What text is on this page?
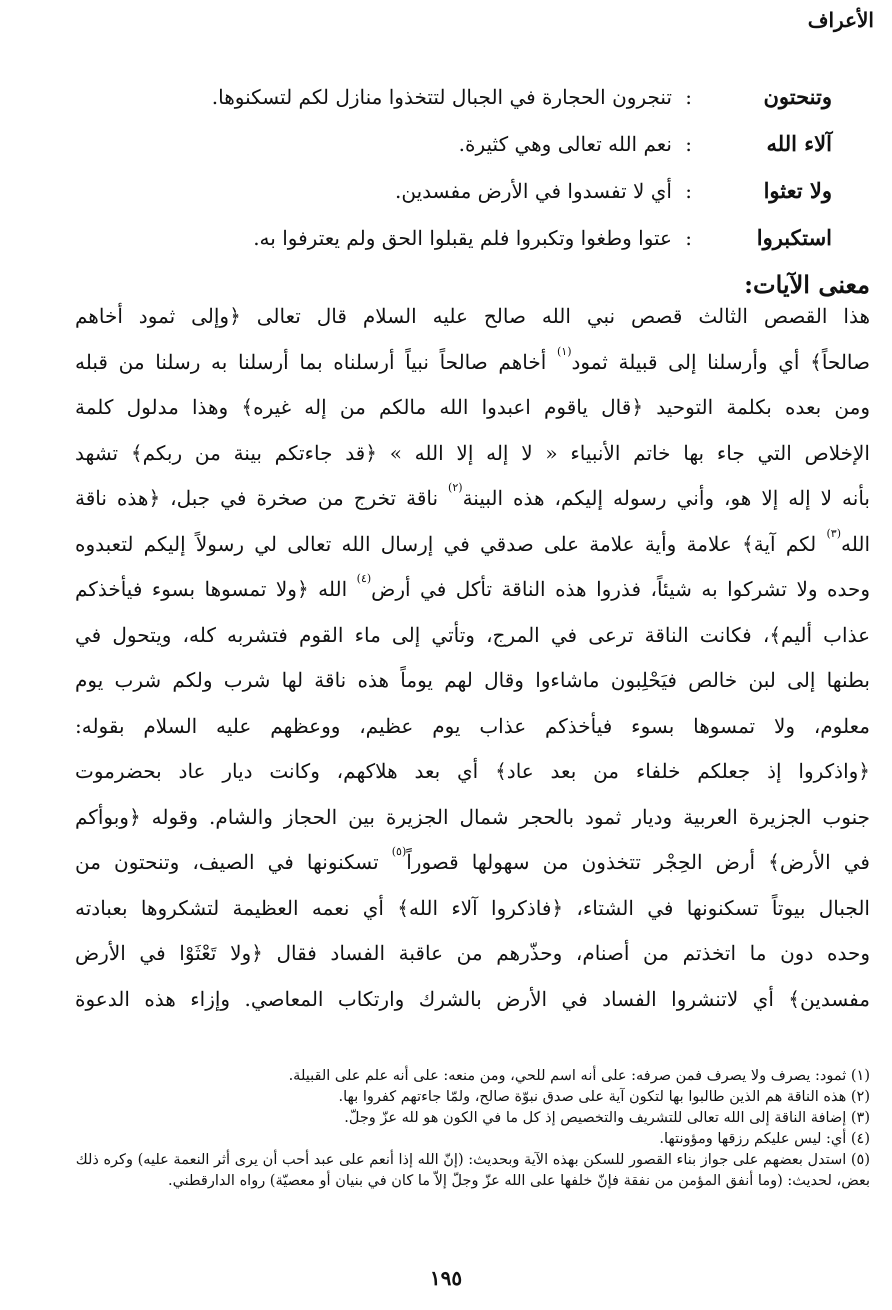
الأعراف
وتنحتون
:
تنجرون الحجارة في الجبال لتتخذوا منازل لكم لتسكنوها.
آلاء الله
:
نعم الله تعالى وهي كثيرة.
ولا تعثوا
:
أي لا تفسدوا في الأرض مفسدين.
استكبروا
:
عتوا وطغوا وتكبروا فلم يقبلوا الحق ولم يعترفوا به.
معنى الآيات:
هذا القصص الثالث قصص نبي الله صالح عليه السلام قال تعالى ﴿وإلى ثمود أخاهم
صالحاً﴾ أي وأرسلنا إلى قبيلة ثمود$^{(١)}$ أخاهم صالحاً نبياً أرسلناه بما أرسلنا به رسلنا من قبله
ومن بعده بكلمة التوحيد ﴿قال ياقوم اعبدوا الله مالكم من إله غيره﴾ وهذا مدلول كلمة
الإخلاص التي جاء بها خاتم الأنبياء « لا إله إلا الله » ﴿قد جاءتكم بينة من ربكم﴾ تشهد
بأنه لا إله إلا هو، وأني رسوله إليكم، هذه البينة$^{(٢)}$ ناقة تخرج من صخرة في جبل، ﴿هذه ناقة
الله$^{(٣)}$ لكم آية﴾ علامة وأية علامة على صدقي في إرسال الله تعالى لي رسولاً إليكم لتعبدوه
وحده ولا تشركوا به شيئاً، فذروا هذه الناقة تأكل في أرض$^{(٤)}$ الله ﴿ولا تمسوها بسوء فيأخذكم
عذاب أليم﴾، فكانت الناقة ترعى في المرج، وتأتي إلى ماء القوم فتشربه كله، ويتحول في
بطنها إلى لبن خالص فيَحْلِبون ماشاءوا وقال لهم يوماً هذه ناقة لها شرب ولكم شرب يوم
معلوم، ولا تمسوها بسوء فيأخذكم عذاب يوم عظيم، ووعظهم عليه السلام بقوله:
﴿واذكروا إذ جعلكم خلفاء من بعد عاد﴾ أي بعد هلاكهم، وكانت ديار عاد بحضرموت
جنوب الجزيرة العربية وديار ثمود بالحجر شمال الجزيرة بين الحجاز والشام. وقوله ﴿وبوأكم
في الأرض﴾ أرض الحِجْر تتخذون من سهولها قصوراً$^{(٥)}$ تسكنونها في الصيف، وتنحتون من
الجبال بيوتاً تسكنونها في الشتاء، ﴿فاذكروا آلاء الله﴾ أي نعمه العظيمة لتشكروها بعبادته
وحده دون ما اتخذتم من أصنام، وحذّرهم من عاقبة الفساد فقال ﴿ولا تَعْثَوْا في الأرض
مفسدين﴾ أي لاتنشروا الفساد في الأرض بالشرك وارتكاب المعاصي. وإزاء هذه الدعوة
(١) ثمود: يصرف ولا يصرف فمن صرفه: على أنه اسم للحي، ومن منعه: على أنه علم على القبيلة.
(٢) هذه الناقة هم الذين طالبوا بها لتكون آية على صدق نبوّة صالح، ولمّا جاءتهم كفروا بها.
(٣) إضافة الناقة إلى الله تعالى للتشريف والتخصيص إذ كل ما في الكون هو لله عزّ وجلّ.
(٤) أي: ليس عليكم رزقها ومؤونتها.
(٥) استدل بعضهم على جواز بناء القصور للسكن بهذه الآية وبحديث: (إنّ الله إذا أنعم على عبد أحب أن يرى أثر النعمة عليه) وكره ذلك بعض، لحديث: (وما أنفق المؤمن من نفقة فإنّ خلفها على الله عزّ وجلّ إلاّ ما كان في بنيان أو معصيّة) رواه الدارقطني.
١٩٥
